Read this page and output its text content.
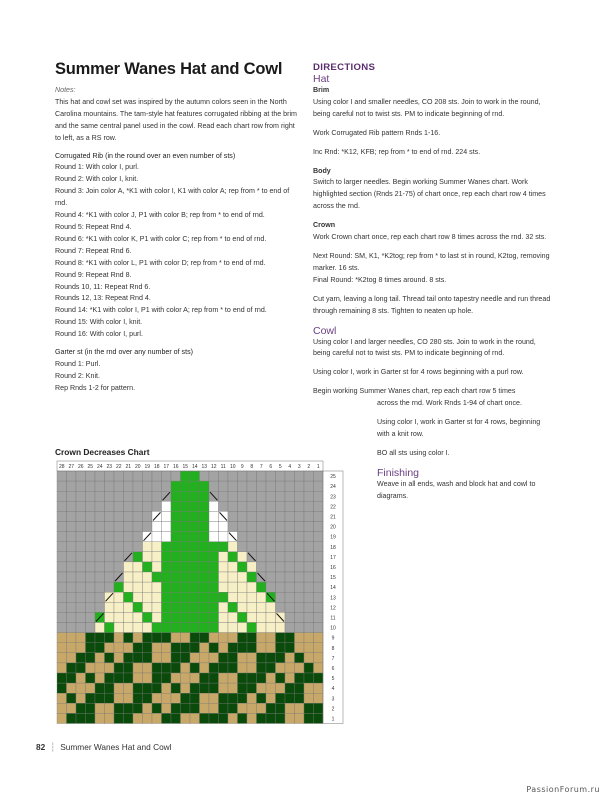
Summer Wanes Hat and Cowl
Notes:
This hat and cowl set was inspired by the autumn colors seen in the North Carolina mountains. The tam-style hat features corrugated ribbing at the brim and the same central panel used in the cowl. Read each chart row from right to left, as a RS row.
Corrugated Rib (in the round over an even number of sts)
Round 1: With color I, purl.
Round 2: With color I, knit.
Round 3: Join color A, *K1 with color I, K1 with color A; rep from * to end of rnd.
Round 4: *K1 with color J, P1 with color B; rep from * to end of rnd.
Round 5: Repeat Rnd 4.
Round 6: *K1 with color K, P1 with color C; rep from * to end of rnd.
Round 7: Repeat Rnd 6.
Round 8: *K1 with color L, P1 with color D; rep from * to end of rnd.
Round 9: Repeat Rnd 8.
Rounds 10, 11: Repeat Rnd 6.
Rounds 12, 13: Repeat Rnd 4.
Round 14: *K1 with color I, P1 with color A; rep from * to end of rnd.
Round 15: With color I, knit.
Round 16: With color I, purl.
Garter st (in the rnd over any number of sts)
Round 1: Purl.
Round 2: Knit.
Rep Rnds 1-2 for pattern.
DIRECTIONS
Hat
Brim
Using color I and smaller needles, CO 208 sts. Join to work in the round, being careful not to twist sts. PM to indicate beginning of rnd.
Work Corrugated Rib pattern Rnds 1-16.
Inc Rnd: *K12, KFB; rep from * to end of rnd. 224 sts.
Body
Switch to larger needles. Begin working Summer Wanes chart. Work highlighted section (Rnds 21-75) of chart once, rep each chart row 4 times across the rnd.
Crown
Work Crown chart once, rep each chart row 8 times across the rnd. 32 sts.
Next Round: SM, K1, *K2tog; rep from * to last st in round, K2tog, removing marker. 16 sts.
Final Round: *K2tog 8 times around. 8 sts.
Cut yarn, leaving a long tail. Thread tail onto tapestry needle and run thread through remaining 8 sts. Tighten to neaten up hole.
Cowl
Using color I and larger needles, CO 280 sts. Join to work in the round, being careful not to twist sts. PM to indicate beginning of rnd.
Using color I, work in Garter st for 4 rows beginning with a purl row.
Begin working Summer Wanes chart, rep each chart row 5 times
across the rnd. Work Rnds 1-94 of chart once.
Using color I, work in Garter st for 4 rows, beginning with a knit row.
BO all sts using color I.
Finishing
Weave in all ends, wash and block hat and cowl to diagrams.
Crown Decreases Chart
28 27 26 25 24 23 22 21 20 19 18 17 16 15 14 13 12 11 10 9 8 7 6 5 4 3 2 1
25
24
23
22
21
20
19
18
17
16
15
14
13
12
11
10
9
8
7
6
5
4
3
2
1
82 ┆ Summer Wanes Hat and Cowl
PassionForum.ru
